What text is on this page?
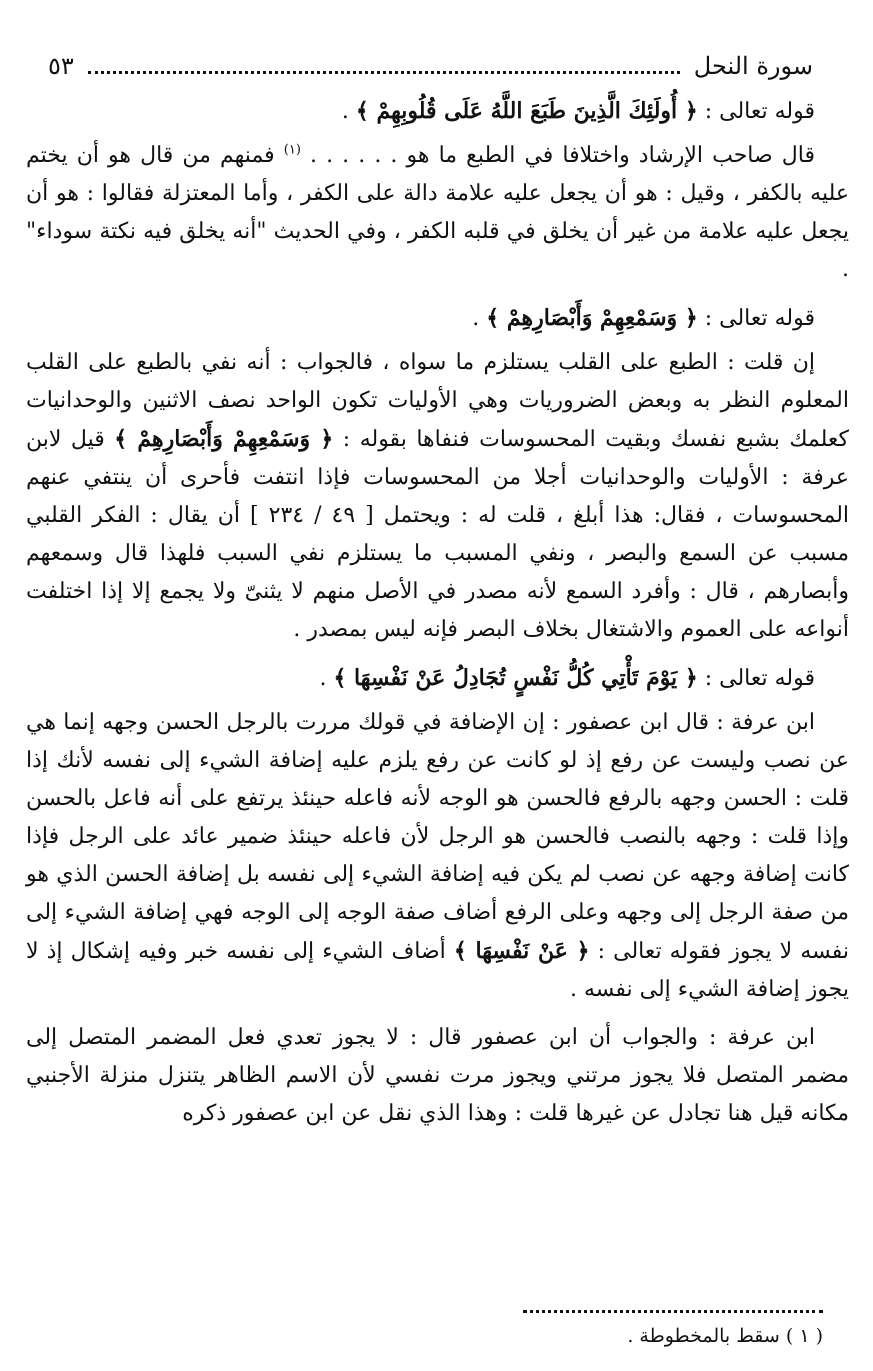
سورة النحل
٥٣
قوله تعالى : ﴿ أُولَئِكَ الَّذِينَ طَبَعَ اللَّهُ عَلَى قُلُوبِهِمْ ﴾ .

قال صاحب الإرشاد واختلافا في الطبع ما هو . . . . . . $^{(١)}$ فمنهم من قال هو أن يختم عليه بالكفر ، وقيل : هو أن يجعل عليه علامة دالة على الكفر ، وأما المعتزلة فقالوا : هو أن يجعل عليه علامة من غير أن يخلق في قلبه الكفر ، وفي الحديث "أنه يخلق فيه نكتة سوداء" .

قوله تعالى : ﴿ وَسَمْعِهِمْ وَأَبْصَارِهِمْ ﴾ .

إن قلت : الطبع على القلب يستلزم ما سواه ، فالجواب : أنه نفي بالطبع على القلب المعلوم النظر به وبعض الضروريات وهي الأوليات تكون الواحد نصف الاثنين والوحدانيات كعلمك بشبع نفسك وبقيت المحسوسات فنفاها بقوله : ﴿ وَسَمْعِهِمْ وَأَبْصَارِهِمْ ﴾ قيل لابن عرفة : الأوليات والوحدانيات أجلا من المحسوسات فإذا انتفت فأحرى أن ينتفي عنهم المحسوسات ، فقال: هذا أبلغ ، قلت له : ويحتمل [ ٤٩ / ٢٣٤ ] أن يقال : الفكر القلبي مسبب عن السمع والبصر ، ونفي المسبب ما يستلزم نفي السبب فلهذا قال وسمعهم وأبصارهم ، قال : وأفرد السمع لأنه مصدر في الأصل منهم لا يثنىّ ولا يجمع إلا إذا اختلفت أنواعه على العموم والاشتغال بخلاف البصر فإنه ليس بمصدر .

قوله تعالى : ﴿ يَوْمَ تَأْتِي كُلُّ نَفْسٍ تُجَادِلُ عَنْ نَفْسِهَا ﴾ .

ابن عرفة : قال ابن عصفور : إن الإضافة في قولك مررت بالرجل الحسن وجهه إنما هي عن نصب وليست عن رفع إذ لو كانت عن رفع يلزم عليه إضافة الشيء إلى نفسه لأنك إذا قلت : الحسن وجهه بالرفع فالحسن هو الوجه لأنه فاعله حينئذ يرتفع على أنه فاعل بالحسن وإذا قلت : وجهه بالنصب فالحسن هو الرجل لأن فاعله حينئذ ضمير عائد على الرجل فإذا كانت إضافة وجهه عن نصب لم يكن فيه إضافة الشيء إلى نفسه بل إضافة الحسن الذي هو من صفة الرجل إلى وجهه وعلى الرفع أضاف صفة الوجه إلى الوجه فهي إضافة الشيء إلى نفسه لا يجوز فقوله تعالى : ﴿ عَنْ نَفْسِهَا ﴾ أضاف الشيء إلى نفسه خبر وفيه إشكال إذ لا يجوز إضافة الشيء إلى نفسه .

ابن عرفة : والجواب أن ابن عصفور قال : لا يجوز تعدي فعل المضمر المتصل إلى مضمر المتصل فلا يجوز مرتني ويجوز مرت نفسي لأن الاسم الظاهر يتنزل منزلة الأجنبي مكانه قيل هنا تجادل عن غيرها قلت : وهذا الذي نقل عن ابن عصفور ذكره

( ١ ) سقط بالمخطوطة .
